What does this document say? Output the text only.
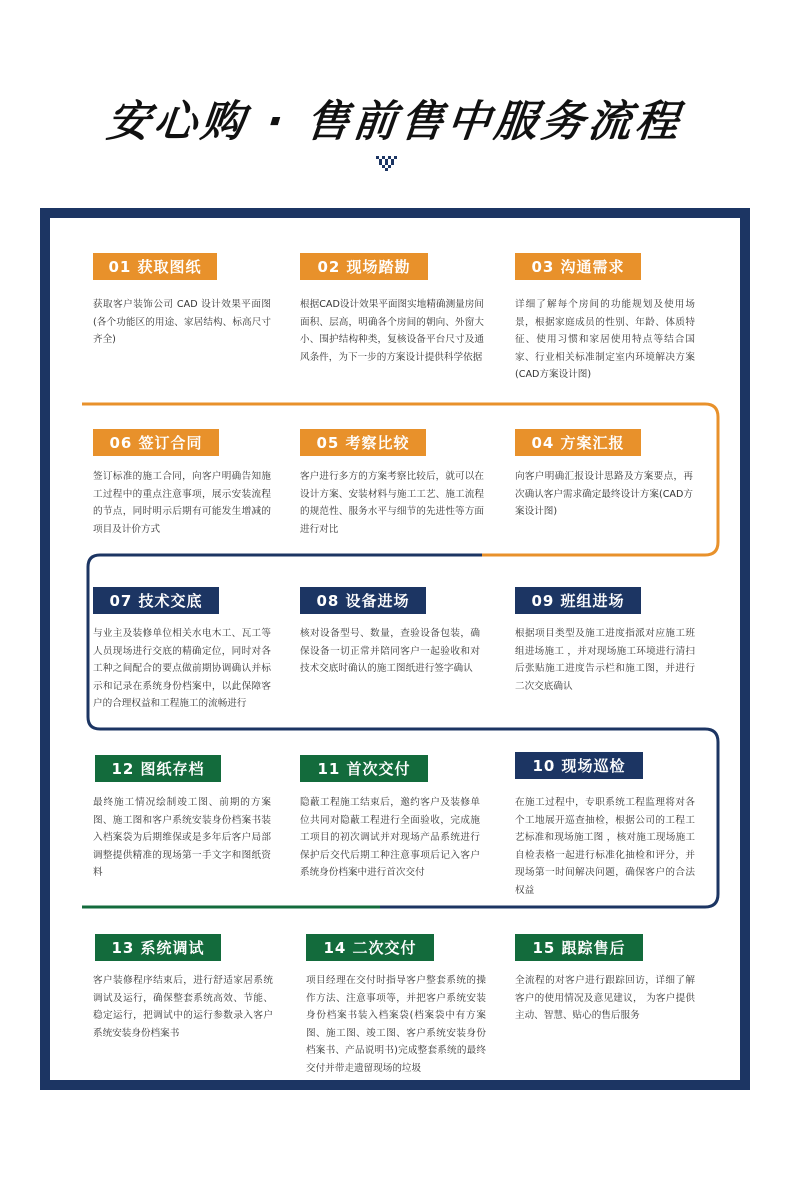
安心购 · 售前售中服务流程
01 获取图纸

获取客户装饰公司 CAD 设计效果平面图(各个功能区的用途、家居结构、标高尺寸齐全)

02 现场踏勘

根据CAD设计效果平面图实地精确测量房间面积、层高，明确各个房间的朝向、外窗大小、围护结构种类，复核设备平台尺寸及通风条件，为下一步的方案设计提供科学依据

03 沟通需求

详细了解每个房间的功能规划及使用场景，根据家庭成员的性别、年龄、体质特征、使用习惯和家居使用特点等结合国家、行业相关标准制定室内环境解决方案(CAD方案设计图)

06 签订合同

签订标准的施工合同，向客户明确告知施工过程中的重点注意事项，展示安装流程的节点，同时明示后期有可能发生增减的项目及计价方式

05 考察比较

客户进行多方的方案考察比较后，就可以在设计方案、安装材料与施工工艺、施工流程的规范性、服务水平与细节的先进性等方面进行对比

04 方案汇报

向客户明确汇报设计思路及方案要点，再次确认客户需求确定最终设计方案(CAD方案设计图)

07 技术交底

与业主及装修单位相关水电木工、瓦工等人员现场进行交底的精确定位，同时对各工种之间配合的要点做前期协调确认并标示和记录在系统身份档案中，以此保障客户的合理权益和工程施工的流畅进行

08 设备进场

核对设备型号、数量，查验设备包装，确保设备一切正常并陪同客户一起验收和对技术交底时确认的施工图纸进行签字确认

09 班组进场

根据项目类型及施工进度指派对应施工班组进场施工 ，并对现场施工环境进行清扫后张贴施工进度告示栏和施工图，并进行二次交底确认

12 图纸存档

最终施工情况绘制竣工图、前期的方案图、施工图和客户系统安装身份档案书装入档案袋为后期维保或是多年后客户局部调整提供精准的现场第一手文字和图纸资料

11 首次交付

隐蔽工程施工结束后，邀约客户及装修单位共同对隐蔽工程进行全面验收，完成施工项目的初次调试并对现场产品系统进行保护后交代后期工种注意事项后记入客户系统身份档案中进行首次交付

10 现场巡检

在施工过程中，专职系统工程监理将对各个工地展开巡查抽检，根据公司的工程工艺标准和现场施工图 ，核对施工现场施工自检表格一起进行标准化抽检和评分，并现场第一时间解决问题，确保客户的合法权益

13 系统调试

客户装修程序结束后，进行舒适家居系统调试及运行，确保整套系统高效、节能、稳定运行，把调试中的运行参数录入客户系统安装身份档案书

14 二次交付

项目经理在交付时指导客户整套系统的操作方法、注意事项等，并把客户系统安装身份档案书装入档案袋(档案袋中有方案图、施工图、竣工图、客户系统安装身份档案书、产品说明书)完成整套系统的最终交付并带走遗留现场的垃圾

15 跟踪售后

全流程的对客户进行跟踪回访，详细了解客户的使用情况及意见建议， 为客户提供主动、智慧、贴心的售后服务
